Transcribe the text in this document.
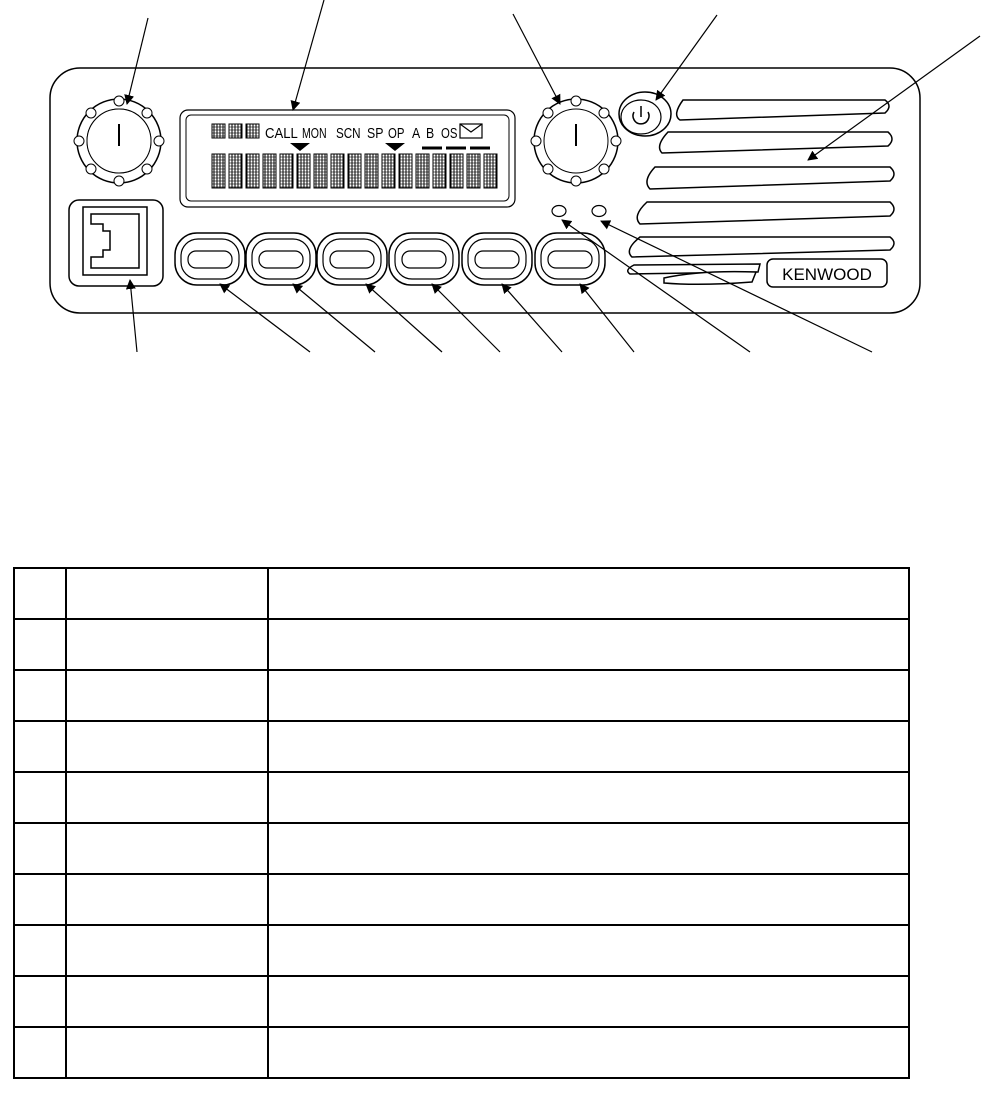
CALL MON SCN SP OP A B OS
KENWOOD
